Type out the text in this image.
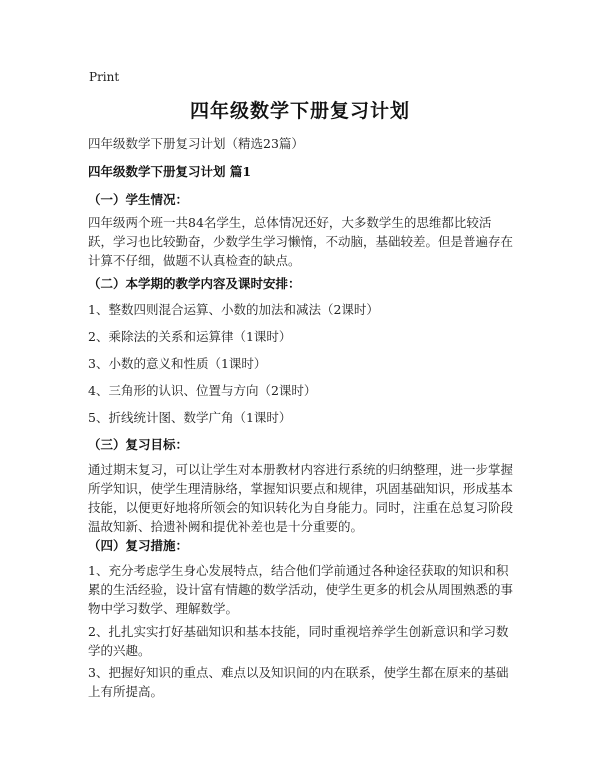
Print
四年级数学下册复习计划
四年级数学下册复习计划（精选23篇）
四年级数学下册复习计划 篇1
（一）学生情况：
四年级两个班一共84名学生，总体情况还好，大多数学生的思维都比较活跃，学习也比较勤奋，少数学生学习懒惰，不动脑，基础较差。但是普遍存在计算不仔细，做题不认真检查的缺点。
（二）本学期的教学内容及课时安排：
1、整数四则混合运算、小数的加法和减法（2课时）
2、乘除法的关系和运算律（1课时）
3、小数的意义和性质（1课时）
4、三角形的认识、位置与方向（2课时）
5、折线统计图、数学广角（1课时）
（三）复习目标：
通过期末复习，可以让学生对本册教材内容进行系统的归纳整理，进一步掌握所学知识，使学生理清脉络，掌握知识要点和规律，巩固基础知识，形成基本技能，以便更好地将所领会的知识转化为自身能力。同时，注重在总复习阶段温故知新、拾遗补阙和提优补差也是十分重要的。
（四）复习措施：
1、充分考虑学生身心发展特点，结合他们学前通过各种途径获取的知识和积累的生活经验，设计富有情趣的数学活动，使学生更多的机会从周围熟悉的事物中学习数学、理解数学。
2、扎扎实实打好基础知识和基本技能，同时重视培养学生创新意识和学习数学的兴趣。
3、把握好知识的重点、难点以及知识间的内在联系，使学生都在原来的基础上有所提高。
